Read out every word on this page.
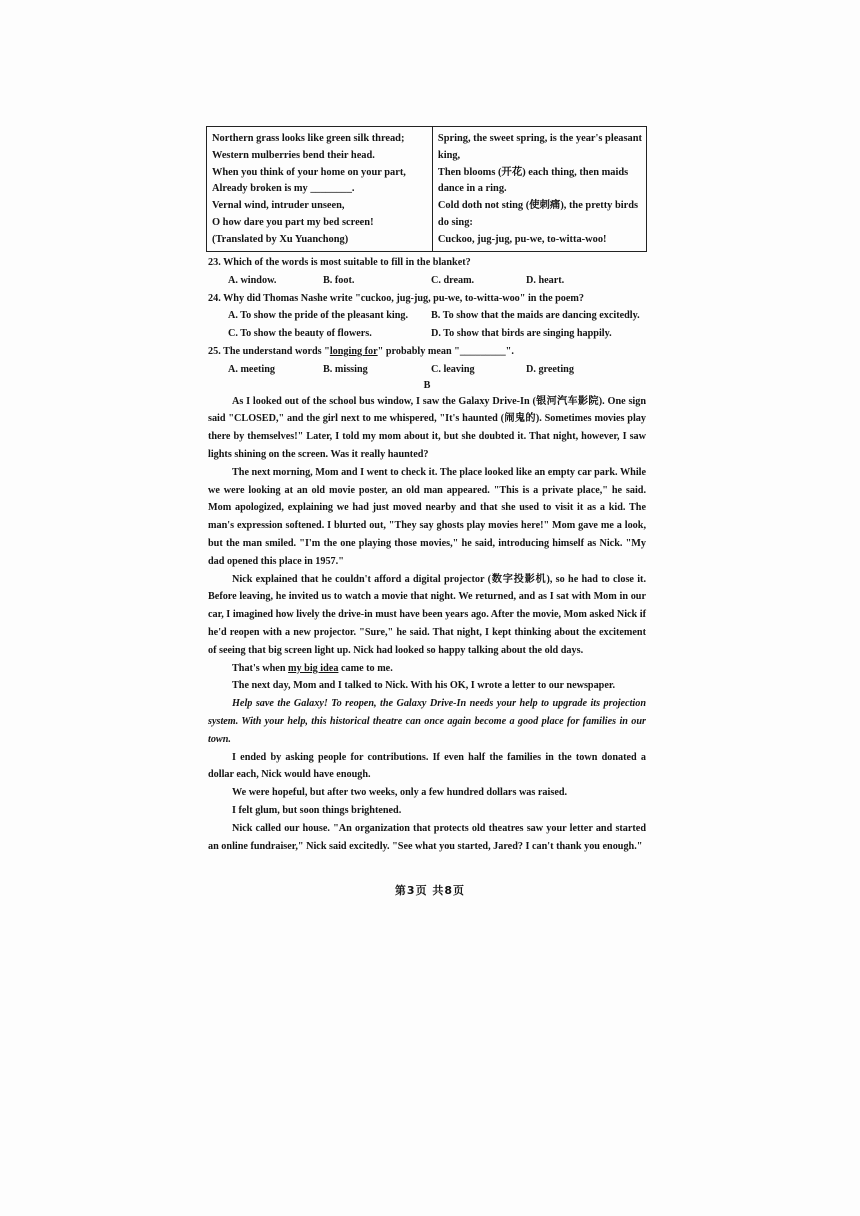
Northern grass looks like green silk thread;
Western mulberries bend their head.
When you think of your home on your part,
Already broken is my ________.
Vernal wind, intruder unseen,
O how dare you part my bed screen!
(Translated by Xu Yuanchong)
Spring, the sweet spring, is the year's pleasant
king,
Then blooms (开花) each thing, then maids
dance in a ring.
Cold doth not sting (使刺痛), the pretty birds
do sing:
Cuckoo, jug-jug, pu-we, to-witta-woo!
23. Which of the words is most suitable to fill in the blanket?
A. window.	B. foot.	C. dream.	D. heart.
24. Why did Thomas Nashe write "cuckoo, jug-jug, pu-we, to-witta-woo" in the poem?
A. To show the pride of the pleasant king.	B. To show that the maids are dancing excitedly.
C. To show the beauty of flowers.	D. To show that birds are singing happily.
25. The understand words "longing for" probably mean "_________".
A. meeting	B. missing	C. leaving	D. greeting
B

As I looked out of the school bus window, I saw the Galaxy Drive-In (银河汽车影院). One sign said "CLOSED," and the girl next to me whispered, "It's haunted (闹鬼的). Sometimes movies play there by themselves!" Later, I told my mom about it, but she doubted it. That night, however, I saw lights shining on the screen. Was it really haunted?

The next morning, Mom and I went to check it. The place looked like an empty car park. While we were looking at an old movie poster, an old man appeared. "This is a private place," he said. Mom apologized, explaining we had just moved nearby and that she used to visit it as a kid. The man's expression softened. I blurted out, "They say ghosts play movies here!" Mom gave me a look, but the man smiled. "I'm the one playing those movies," he said, introducing himself as Nick. "My dad opened this place in 1957."

Nick explained that he couldn't afford a digital projector (数字投影机), so he had to close it. Before leaving, he invited us to watch a movie that night. We returned, and as I sat with Mom in our car, I imagined how lively the drive-in must have been years ago. After the movie, Mom asked Nick if he'd reopen with a new projector. "Sure," he said. That night, I kept thinking about the excitement of seeing that big screen light up. Nick had looked so happy talking about the old days.

That's when my big idea came to me.

The next day, Mom and I talked to Nick. With his OK, I wrote a letter to our newspaper.

Help save the Galaxy! To reopen, the Galaxy Drive-In needs your help to upgrade its projection system. With your help, this historical theatre can once again become a good place for families in our town.

I ended by asking people for contributions. If even half the families in the town donated a dollar each, Nick would have enough.

We were hopeful, but after two weeks, only a few hundred dollars was raised.

I felt glum, but soon things brightened.

Nick called our house. "An organization that protects old theatres saw your letter and started an online fundraiser," Nick said excitedly. "See what you started, Jared? I can't thank you enough."

第3页 共8页
